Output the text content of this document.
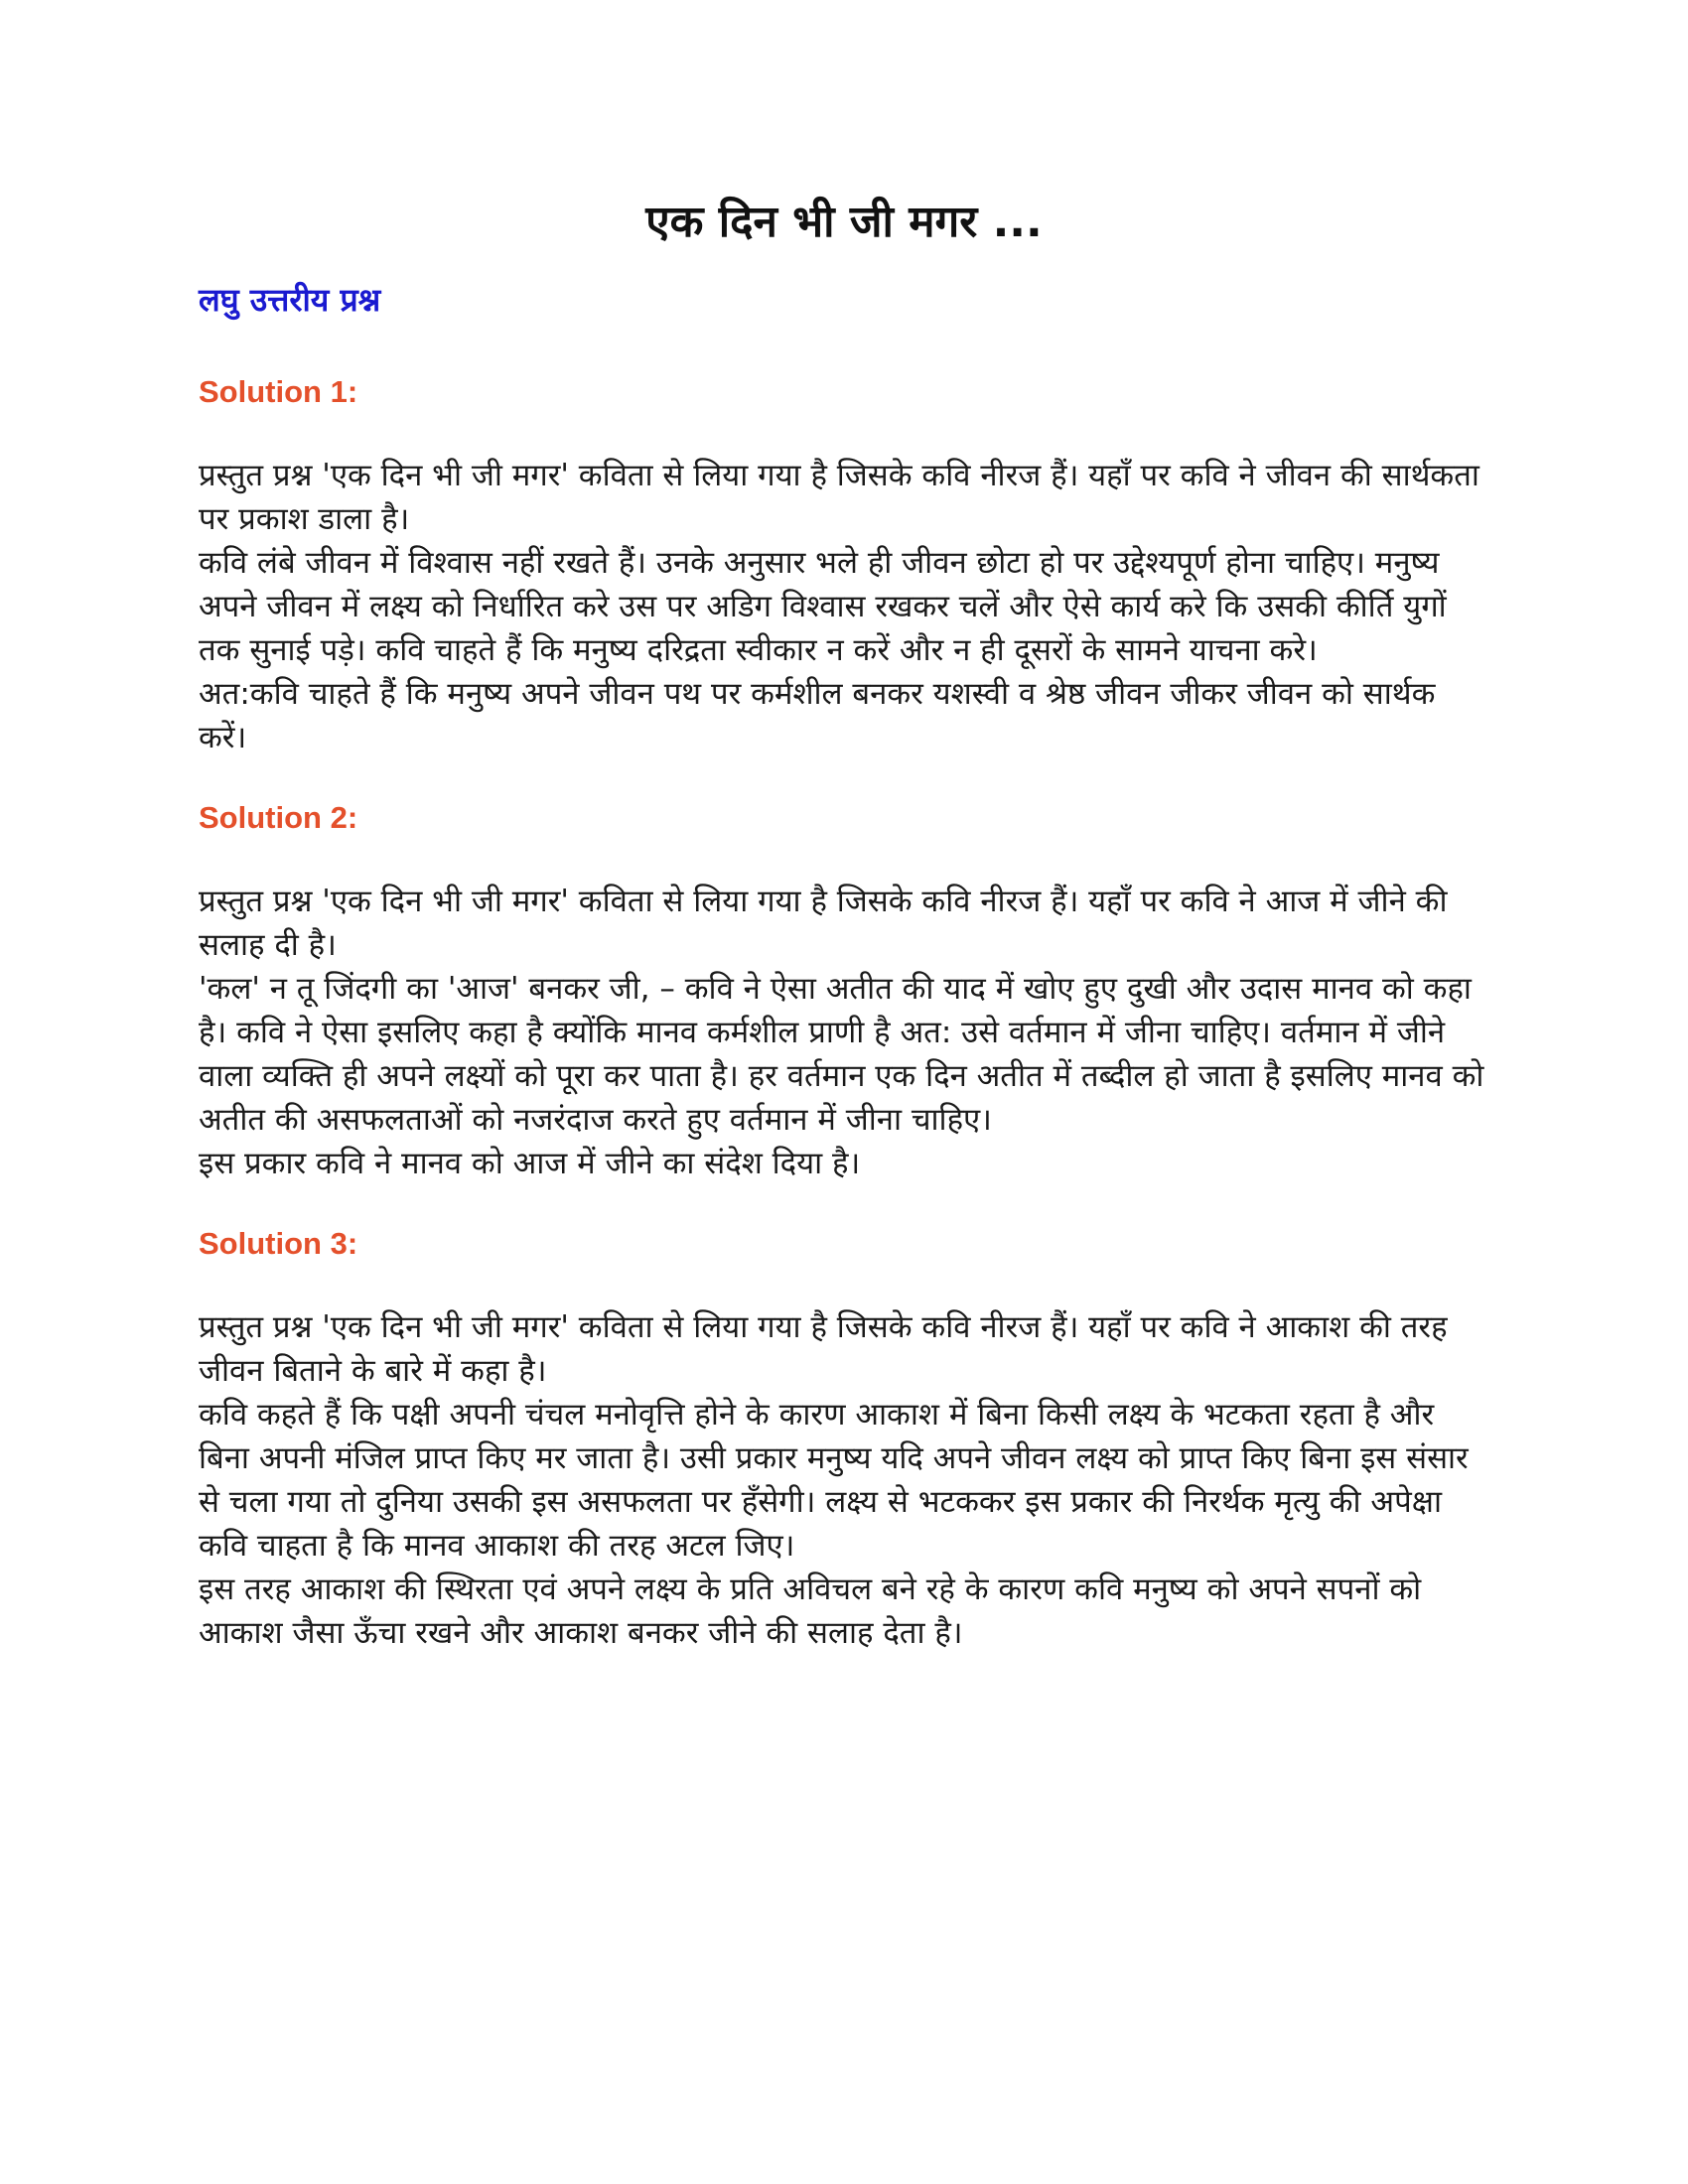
एक दिन भी जी मगर ...
लघु उत्तरीय प्रश्न
Solution 1:

प्रस्तुत प्रश्न 'एक दिन भी जी मगर' कविता से लिया गया है जिसके कवि नीरज हैं। यहाँ पर कवि ने जीवन की सार्थकता पर प्रकाश डाला है।

कवि लंबे जीवन में विश्वास नहीं रखते हैं। उनके अनुसार भले ही जीवन छोटा हो पर उद्देश्यपूर्ण होना चाहिए। मनुष्य अपने जीवन में लक्ष्य को निर्धारित करे उस पर अडिग विश्वास रखकर चलें और ऐसे कार्य करे कि उसकी कीर्ति युगों तक सुनाई पड़े। कवि चाहते हैं कि मनुष्य दरिद्रता स्वीकार न करें और न ही दूसरों के सामने याचना करे।

अत:कवि चाहते हैं कि मनुष्य अपने जीवन पथ पर कर्मशील बनकर यशस्वी व श्रेष्ठ जीवन जीकर जीवन को सार्थक करें।

Solution 2:

प्रस्तुत प्रश्न 'एक दिन भी जी मगर' कविता से लिया गया है जिसके कवि नीरज हैं। यहाँ पर कवि ने आज में जीने की सलाह दी है।

'कल' न तू जिंदगी का 'आज' बनकर जी, – कवि ने ऐसा अतीत की याद में खोए हुए दुखी और उदास मानव को कहा है। कवि ने ऐसा इसलिए कहा है क्योंकि मानव कर्मशील प्राणी है अत: उसे वर्तमान में जीना चाहिए। वर्तमान में जीने वाला व्यक्ति ही अपने लक्ष्यों को पूरा कर पाता है। हर वर्तमान एक दिन अतीत में तब्दील हो जाता है इसलिए मानव को अतीत की असफलताओं को नजरंदाज करते हुए वर्तमान में जीना चाहिए।

इस प्रकार कवि ने मानव को आज में जीने का संदेश दिया है।

Solution 3:

प्रस्तुत प्रश्न 'एक दिन भी जी मगर' कविता से लिया गया है जिसके कवि नीरज हैं। यहाँ पर कवि ने आकाश की तरह जीवन बिताने के बारे में कहा है।

कवि कहते हैं कि पक्षी अपनी चंचल मनोवृत्ति होने के कारण आकाश में बिना किसी लक्ष्य के भटकता रहता है और बिना अपनी मंजिल प्राप्त किए मर जाता है। उसी प्रकार मनुष्य यदि अपने जीवन लक्ष्य को प्राप्त किए बिना इस संसार से चला गया तो दुनिया उसकी इस असफलता पर हँसेगी। लक्ष्य से भटककर इस प्रकार की निरर्थक मृत्यु की अपेक्षा कवि चाहता है कि मानव आकाश की तरह अटल जिए।

इस तरह आकाश की स्थिरता एवं अपने लक्ष्य के प्रति अविचल बने रहे के कारण कवि मनुष्य को अपने सपनों को आकाश जैसा ऊँचा रखने और आकाश बनकर जीने की सलाह देता है।
